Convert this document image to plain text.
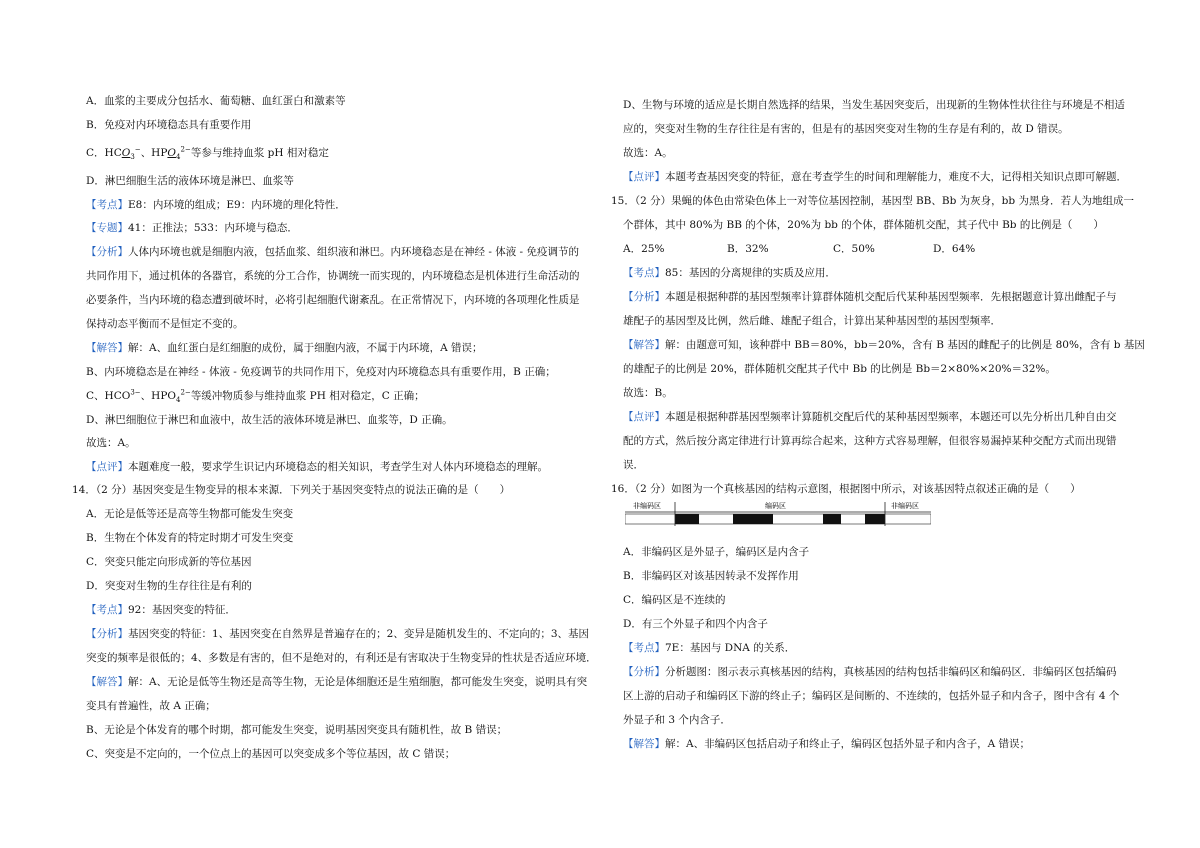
A．血浆的主要成分包括水、葡萄糖、血红蛋白和激素等
B．免疫对内环境稳态具有重要作用
C．$HCO_3^-$、$HPO_4^{2-}$等参与维持血浆 pH 相对稳定
D．淋巴细胞生活的液体环境是淋巴、血浆等
【考点】E8：内环境的组成；E9：内环境的理化特性．
【专题】41：正推法；533：内环境与稳态．
【分析】人体内环境也就是细胞内液，包括血浆、组织液和淋巴。内环境稳态是在神经 - 体液 - 免疫调节的
共同作用下，通过机体的各器官，系统的分工合作，协调统一而实现的，内环境稳态是机体进行生命活动的
必要条件，当内环境的稳态遭到破坏时，必将引起细胞代谢紊乱。在正常情况下，内环境的各项理化性质是
保持动态平衡而不是恒定不变的。
【解答】解：A、血红蛋白是红细胞的成份，属于细胞内液，不属于内环境，A 错误；
B、内环境稳态是在神经 - 体液 - 免疫调节的共同作用下，免疫对内环境稳态具有重要作用，B 正确；
C、$HCO^{3-}$、$HPO_4^{2-}$等缓冲物质参与维持血浆 PH 相对稳定，C 正确；
D、淋巴细胞位于淋巴和血液中，故生活的液体环境是淋巴、血浆等，D 正确。
故选：A。
【点评】本题难度一般，要求学生识记内环境稳态的相关知识，考查学生对人体内环境稳态的理解。
14．（2 分）基因突变是生物变异的根本来源．下列关于基因突变特点的说法正确的是（　　）
A．无论是低等还是高等生物都可能发生突变
B．生物在个体发育的特定时期才可发生突变
C．突变只能定向形成新的等位基因
D．突变对生物的生存往往是有利的
【考点】92：基因突变的特征．
【分析】基因突变的特征：1、基因突变在自然界是普遍存在的；2、变异是随机发生的、不定向的；3、基因
突变的频率是很低的；4、多数是有害的，但不是绝对的，有利还是有害取决于生物变异的性状是否适应环境．
【解答】解：A、无论是低等生物还是高等生物，无论是体细胞还是生殖细胞，都可能发生突变，说明具有突
变具有普遍性，故 A 正确；
B、无论是个体发育的哪个时期，都可能发生突变，说明基因突变具有随机性，故 B 错误；
C、突变是不定向的，一个位点上的基因可以突变成多个等位基因，故 C 错误；
D、生物与环境的适应是长期自然选择的结果，当发生基因突变后，出现新的生物体性状往往与环境是不相适
应的，突变对生物的生存往往是有害的，但是有的基因突变对生物的生存是有利的，故 D 错误。
故选：A。
【点评】本题考查基因突变的特征，意在考查学生的时间和理解能力，难度不大，记得相关知识点即可解题．
15．（2 分）果蝇的体色由常染色体上一对等位基因控制，基因型 BB、Bb 为灰身，bb 为黑身．若人为地组成一
个群体，其中 80%为 BB 的个体，20%为 bb 的个体，群体随机交配，其子代中 Bb 的比例是（　　）
A．25%	B．32%	C．50%	D．64%
【考点】85：基因的分离规律的实质及应用．
【分析】本题是根据种群的基因型频率计算群体随机交配后代某种基因型频率．先根据题意计算出雌配子与
雄配子的基因型及比例，然后雌、雄配子组合，计算出某种基因型的基因型频率．
【解答】解：由题意可知，该种群中 BB＝80%，bb＝20%，含有 B 基因的雌配子的比例是 80%，含有 b 基因
的雄配子的比例是 20%，群体随机交配其子代中 Bb 的比例是 Bb＝2×80%×20%＝32%。
故选：B。
【点评】本题是根据种群基因型频率计算随机交配后代的某种基因型频率，本题还可以先分析出几种自由交
配的方式，然后按分离定律进行计算再综合起来，这种方式容易理解，但很容易漏掉某种交配方式而出现错
误．
16．（2 分）如图为一个真核基因的结构示意图，根据图中所示，对该基因特点叙述正确的是（　　）
非编码区	编码区	非编码区
A．非编码区是外显子，编码区是内含子
B．非编码区对该基因转录不发挥作用
C．编码区是不连续的
D．有三个外显子和四个内含子
【考点】7E：基因与 DNA 的关系．
【分析】分析题图：图示表示真核基因的结构，真核基因的结构包括非编码区和编码区．非编码区包括编码
区上游的启动子和编码区下游的终止子；编码区是间断的、不连续的，包括外显子和内含子，图中含有 4 个
外显子和 3 个内含子．
【解答】解：A、非编码区包括启动子和终止子，编码区包括外显子和内含子，A 错误；
